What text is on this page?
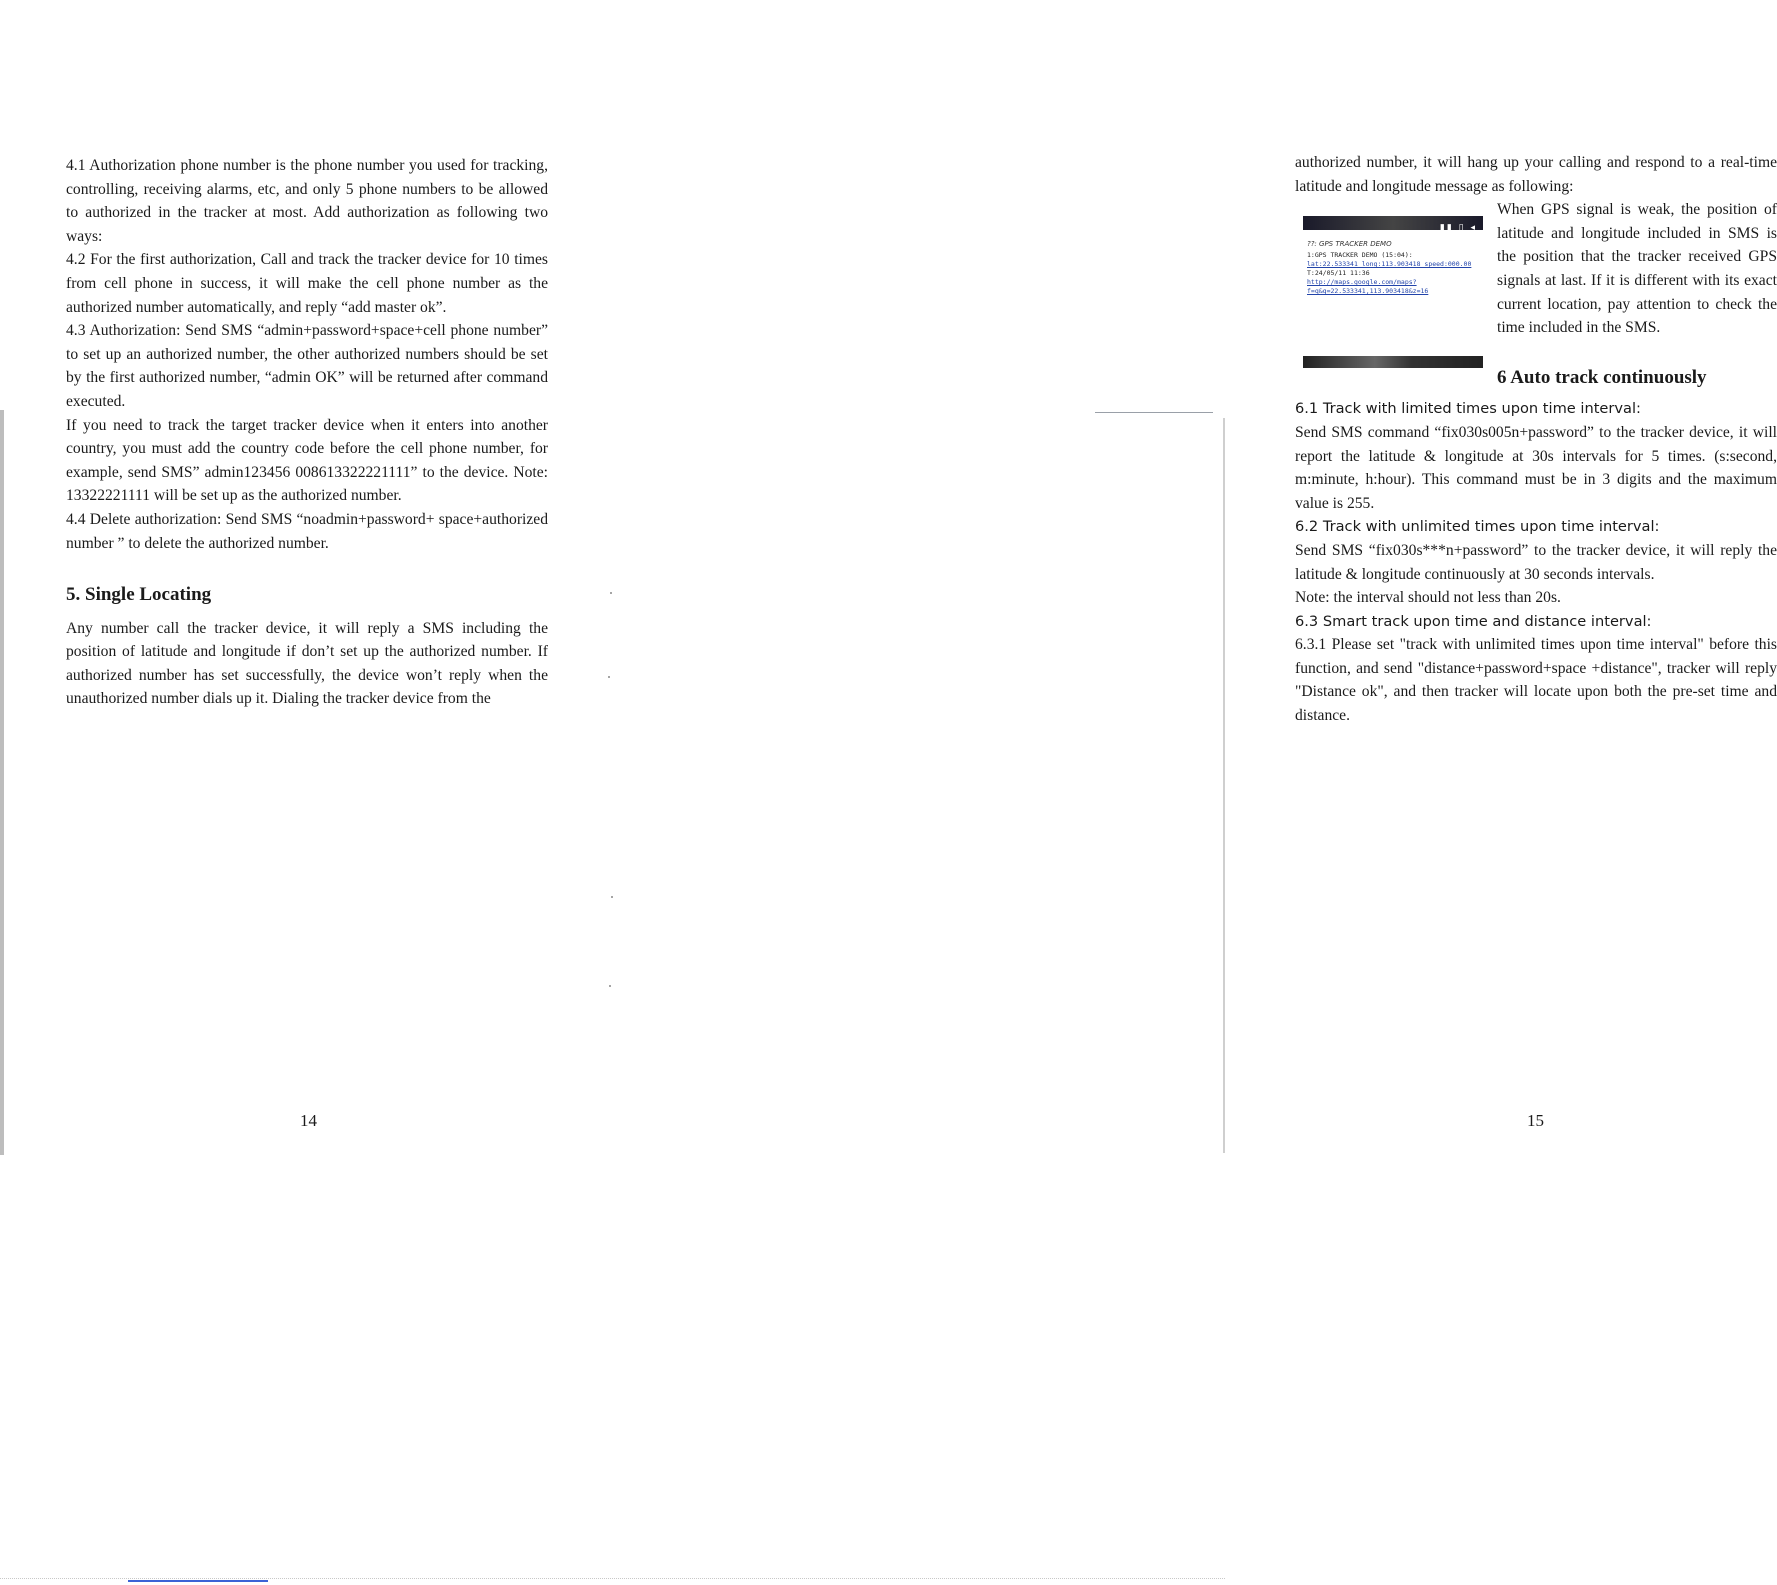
4.1 Authorization phone number is the phone number you used for tracking, controlling, receiving alarms, etc, and only 5 phone numbers to be allowed to authorized in the tracker at most. Add authorization as following two ways:

4.2 For the first authorization, Call and track the tracker device for 10 times from cell phone in success, it will make the cell phone number as the authorized number automatically, and reply “add master ok”.

4.3 Authorization: Send SMS “admin+password+space+cell phone number” to set up an authorized number, the other authorized numbers should be set by the first authorized number, “admin OK” will be returned after command executed.

If you need to track the target tracker device when it enters into another country, you must add the country code before the cell phone number, for example, send SMS” admin123456 008613322221111” to the device. Note: 13322221111 will be set up as the authorized number.

4.4 Delete authorization: Send SMS “noadmin+password+ space+authorized number ” to delete the authorized number.

5. Single Locating

Any number call the tracker device, it will reply a SMS including the position of latitude and longitude if don’t set up the authorized number. If authorized number has set successfully, the device won’t reply when the unauthorized number dials up it. Dialing the tracker device from the

14

authorized number, it will hang up your calling and respond to a real-time latitude and longitude message as following:

▮▮ ▯ ◂
??: GPS TRACKER DEMO
1:GPS TRACKER DEMO (15:04):
lat:22.533341 long:113.903418 speed:000.00
T:24/05/11 11:36
http://maps.google.com/maps?
f=q&q=22.533341,113.903418&z=16

When GPS signal is weak, the position of latitude and longitude included in SMS is the position that the tracker received GPS signals at last. If it is different with its exact current location, pay attention to check the time included in the SMS.

6 Auto track continuously

6.1 Track with limited times upon time interval:

Send SMS command “fix030s005n+password” to the tracker device, it will report the latitude & longitude at 30s intervals for 5 times. (s:second, m:minute, h:hour). This command must be in 3 digits and the maximum value is 255.

6.2 Track with unlimited times upon time interval:

Send SMS “fix030s***n+password” to the tracker device, it will reply the latitude & longitude continuously at 30 seconds intervals.

Note: the interval should not less than 20s.

6.3 Smart track upon time and distance interval:

6.3.1 Please set "track with unlimited times upon time interval" before this function, and send "distance+password+space +distance", tracker will reply "Distance ok", and then tracker will locate upon both the pre-set time and distance.

15
